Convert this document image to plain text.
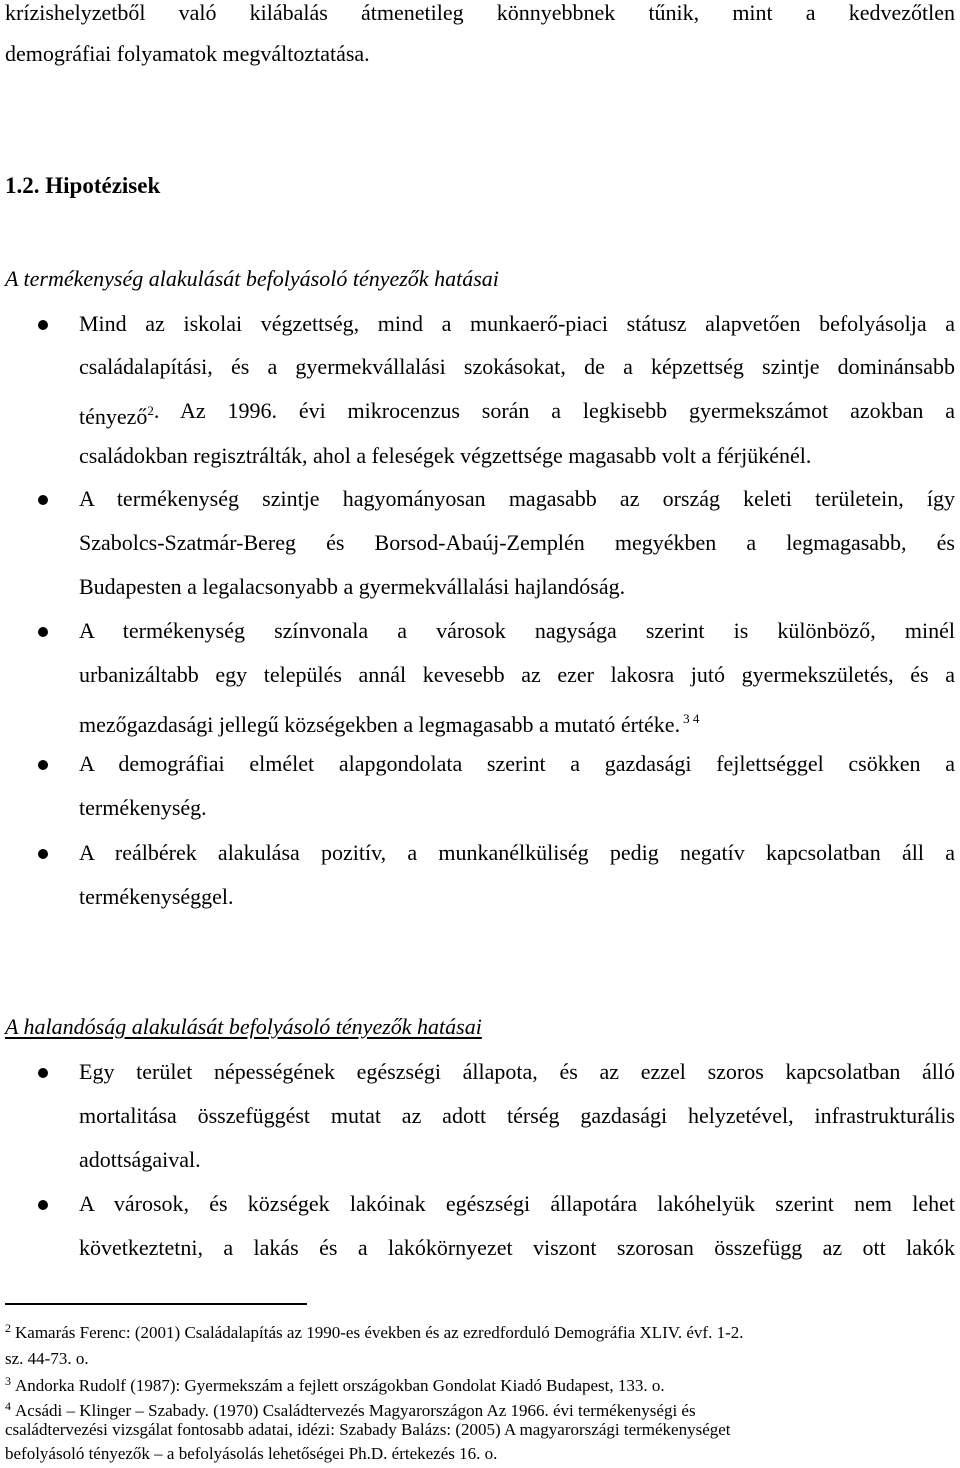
krízishelyzetből való kilábalás átmenetileg könnyebbnek tűnik, mint a kedvezőtlen
demográfiai folyamatok megváltoztatása.
1.2. Hipotézisek
A termékenység alakulását befolyásoló tényezők hatásai
Mind az iskolai végzettség, mind a munkaerő-piaci státusz alapvetően befolyásolja a
családalapítási, és a gyermekvállalási szokásokat, de a képzettség szintje dominánsabb
tényező$^2$ . Az 1996. évi mikrocenzus során a legkisebb gyermekszámot azokban a
családokban regisztrálták, ahol a feleségek végzettsége magasabb volt a férjükénél.
A termékenység szintje hagyományosan magasabb az ország keleti területein, így
Szabolcs-Szatmár-Bereg és Borsod-Abaúj-Zemplén megyékben a legmagasabb, és
Budapesten a legalacsonyabb a gyermekvállalási hajlandóság.
A termékenység színvonala a városok nagysága szerint is különböző, minél
urbanizáltabb egy település annál kevesebb az ezer lakosra jutó gyermekszületés, és a
mezőgazdasági jellegű községekben a legmagasabb a mutató értéke. $^{3 4}$
A demográfiai elmélet alapgondolata szerint a gazdasági fejlettséggel csökken a
termékenység.
A reálbérek alakulása pozitív, a munkanélküliség pedig negatív kapcsolatban áll a
termékenységgel.
A halandóság alakulását befolyásoló tényezők hatásai
Egy terület népességének egészségi állapota, és az ezzel szoros kapcsolatban álló
mortalitása összefüggést mutat az adott térség gazdasági helyzetével, infrastrukturális
adottságaival.
A városok, és községek lakóinak egészségi állapotára lakóhelyük szerint nem lehet
következtetni, a lakás és a lakókörnyezet viszont szorosan összefügg az ott lakók
$^2$ Kamarás Ferenc: (2001) Családalapítás az 1990-es években és az ezredforduló Demográfia XLIV. évf. 1-2.
sz. 44-73. o.
$^3$ Andorka Rudolf (1987): Gyermekszám a fejlett országokban Gondolat Kiadó Budapest, 133. o.
$^4$ Acsádi – Klinger – Szabady. (1970) Családtervezés Magyarországon Az 1966. évi termékenységi és
családtervezési vizsgálat fontosabb adatai, idézi: Szabady Balázs: (2005) A magyarországi termékenységet
befolyásoló tényezők – a befolyásolás lehetőségei Ph.D. értekezés 16. o.
